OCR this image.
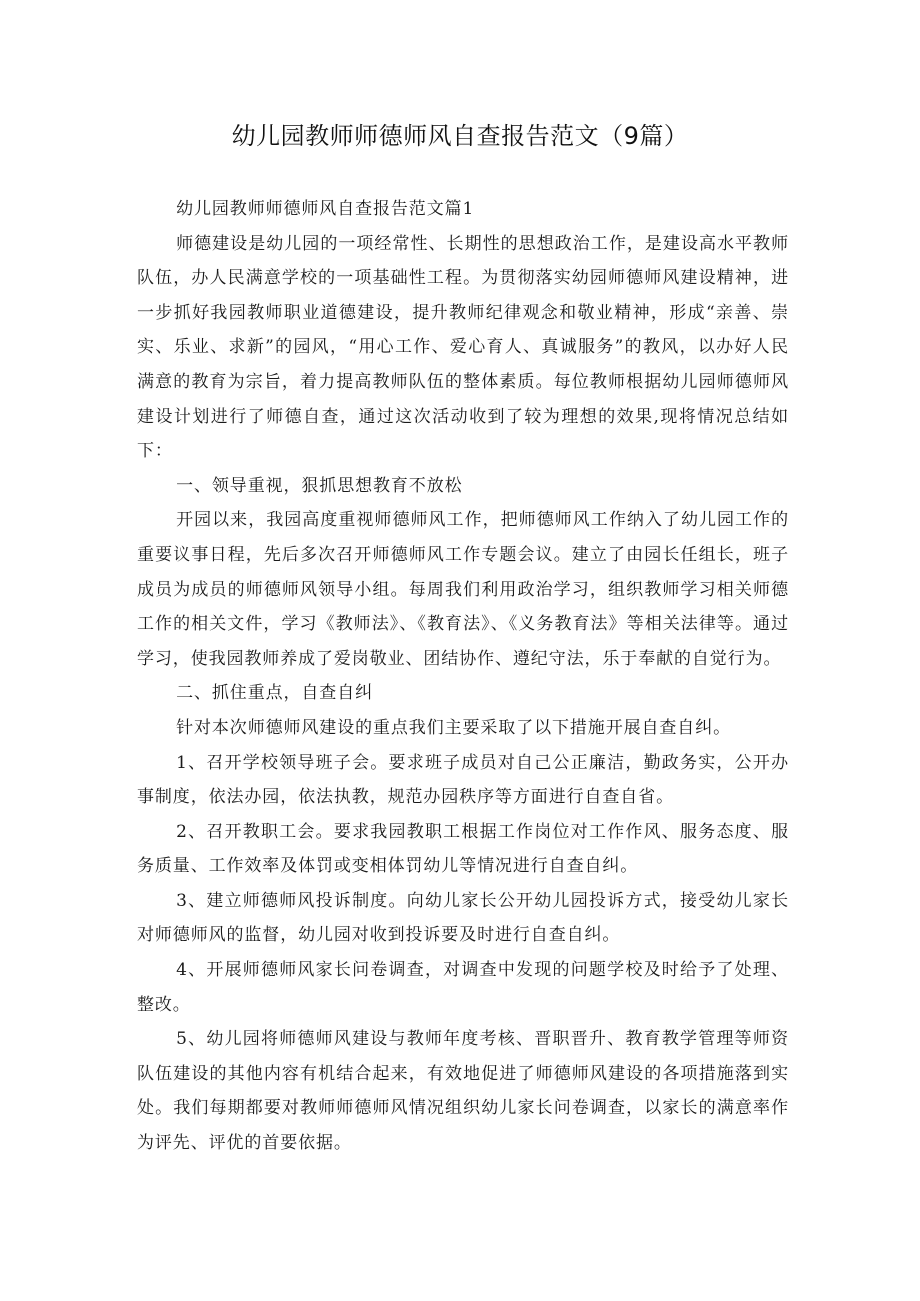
幼儿园教师师德师风自查报告范文（9篇）

幼儿园教师师德师风自查报告范文篇1

师德建设是幼儿园的一项经常性、长期性的思想政治工作，是建设高水平教师队伍，办人民满意学校的一项基础性工程。为贯彻落实幼园师德师风建设精神，进一步抓好我园教师职业道德建设，提升教师纪律观念和敬业精神，形成“亲善、崇实、乐业、求新”的园风，“用心工作、爱心育人、真诚服务”的教风，以办好人民满意的教育为宗旨，着力提高教师队伍的整体素质。每位教师根据幼儿园师德师风建设计划进行了师德自查，通过这次活动收到了较为理想的效果,现将情况总结如下：

一、领导重视，狠抓思想教育不放松

开园以来，我园高度重视师德师风工作，把师德师风工作纳入了幼儿园工作的重要议事日程，先后多次召开师德师风工作专题会议。建立了由园长任组长，班子成员为成员的师德师风领导小组。每周我们利用政治学习，组织教师学习相关师德工作的相关文件，学习《教师法》、《教育法》、《义务教育法》等相关法律等。通过学习，使我园教师养成了爱岗敬业、团结协作、遵纪守法，乐于奉献的自觉行为。

二、抓住重点，自查自纠

针对本次师德师风建设的重点我们主要采取了以下措施开展自查自纠。

1、召开学校领导班子会。要求班子成员对自己公正廉洁，勤政务实，公开办事制度，依法办园，依法执教，规范办园秩序等方面进行自查自省。

2、召开教职工会。要求我园教职工根据工作岗位对工作作风、服务态度、服务质量、工作效率及体罚或变相体罚幼儿等情况进行自查自纠。

3、建立师德师风投诉制度。向幼儿家长公开幼儿园投诉方式，接受幼儿家长对师德师风的监督，幼儿园对收到投诉要及时进行自查自纠。

4、开展师德师风家长问卷调查，对调查中发现的问题学校及时给予了处理、整改。

5、幼儿园将师德师风建设与教师年度考核、晋职晋升、教育教学管理等师资队伍建设的其他内容有机结合起来，有效地促进了师德师风建设的各项措施落到实处。我们每期都要对教师师德师风情况组织幼儿家长问卷调查，以家长的满意率作为评先、评优的首要依据。
